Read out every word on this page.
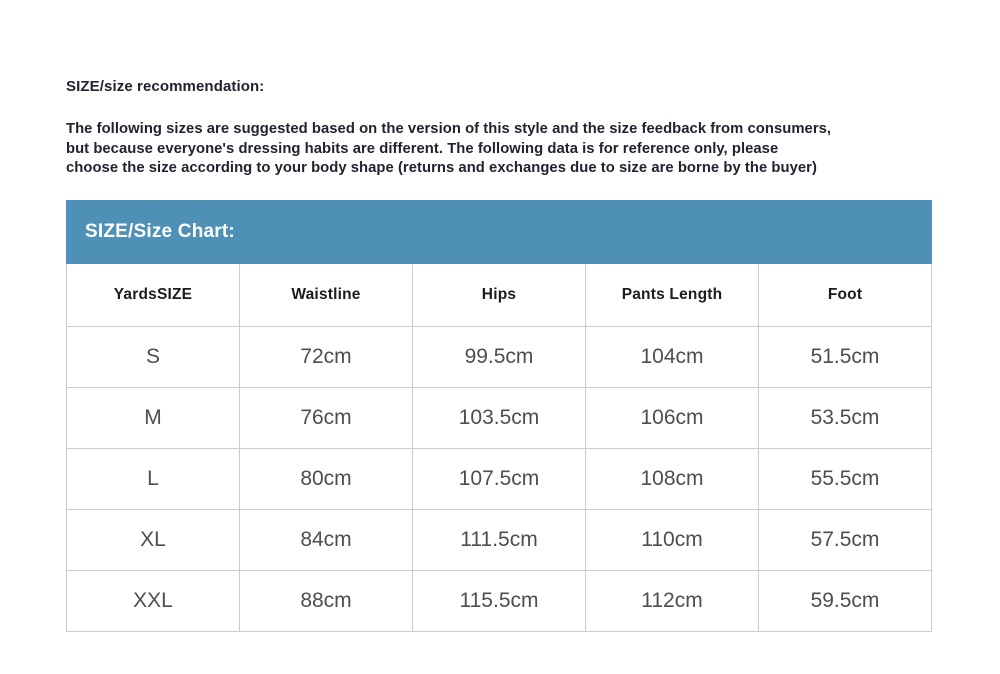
SIZE/size recommendation:
The following sizes are suggested based on the version of this style and the size feedback from consumers,
but because everyone's dressing habits are different. The following data is for reference only, please
choose the size according to your body shape (returns and exchanges due to size are borne by the buyer)
SIZE/Size Chart:
YardsSIZE	Waistline	Hips	Pants Length	Foot
S	72cm	99.5cm	104cm	51.5cm
M	76cm	103.5cm	106cm	53.5cm
L	80cm	107.5cm	108cm	55.5cm
XL	84cm	111.5cm	110cm	57.5cm
XXL	88cm	115.5cm	112cm	59.5cm
